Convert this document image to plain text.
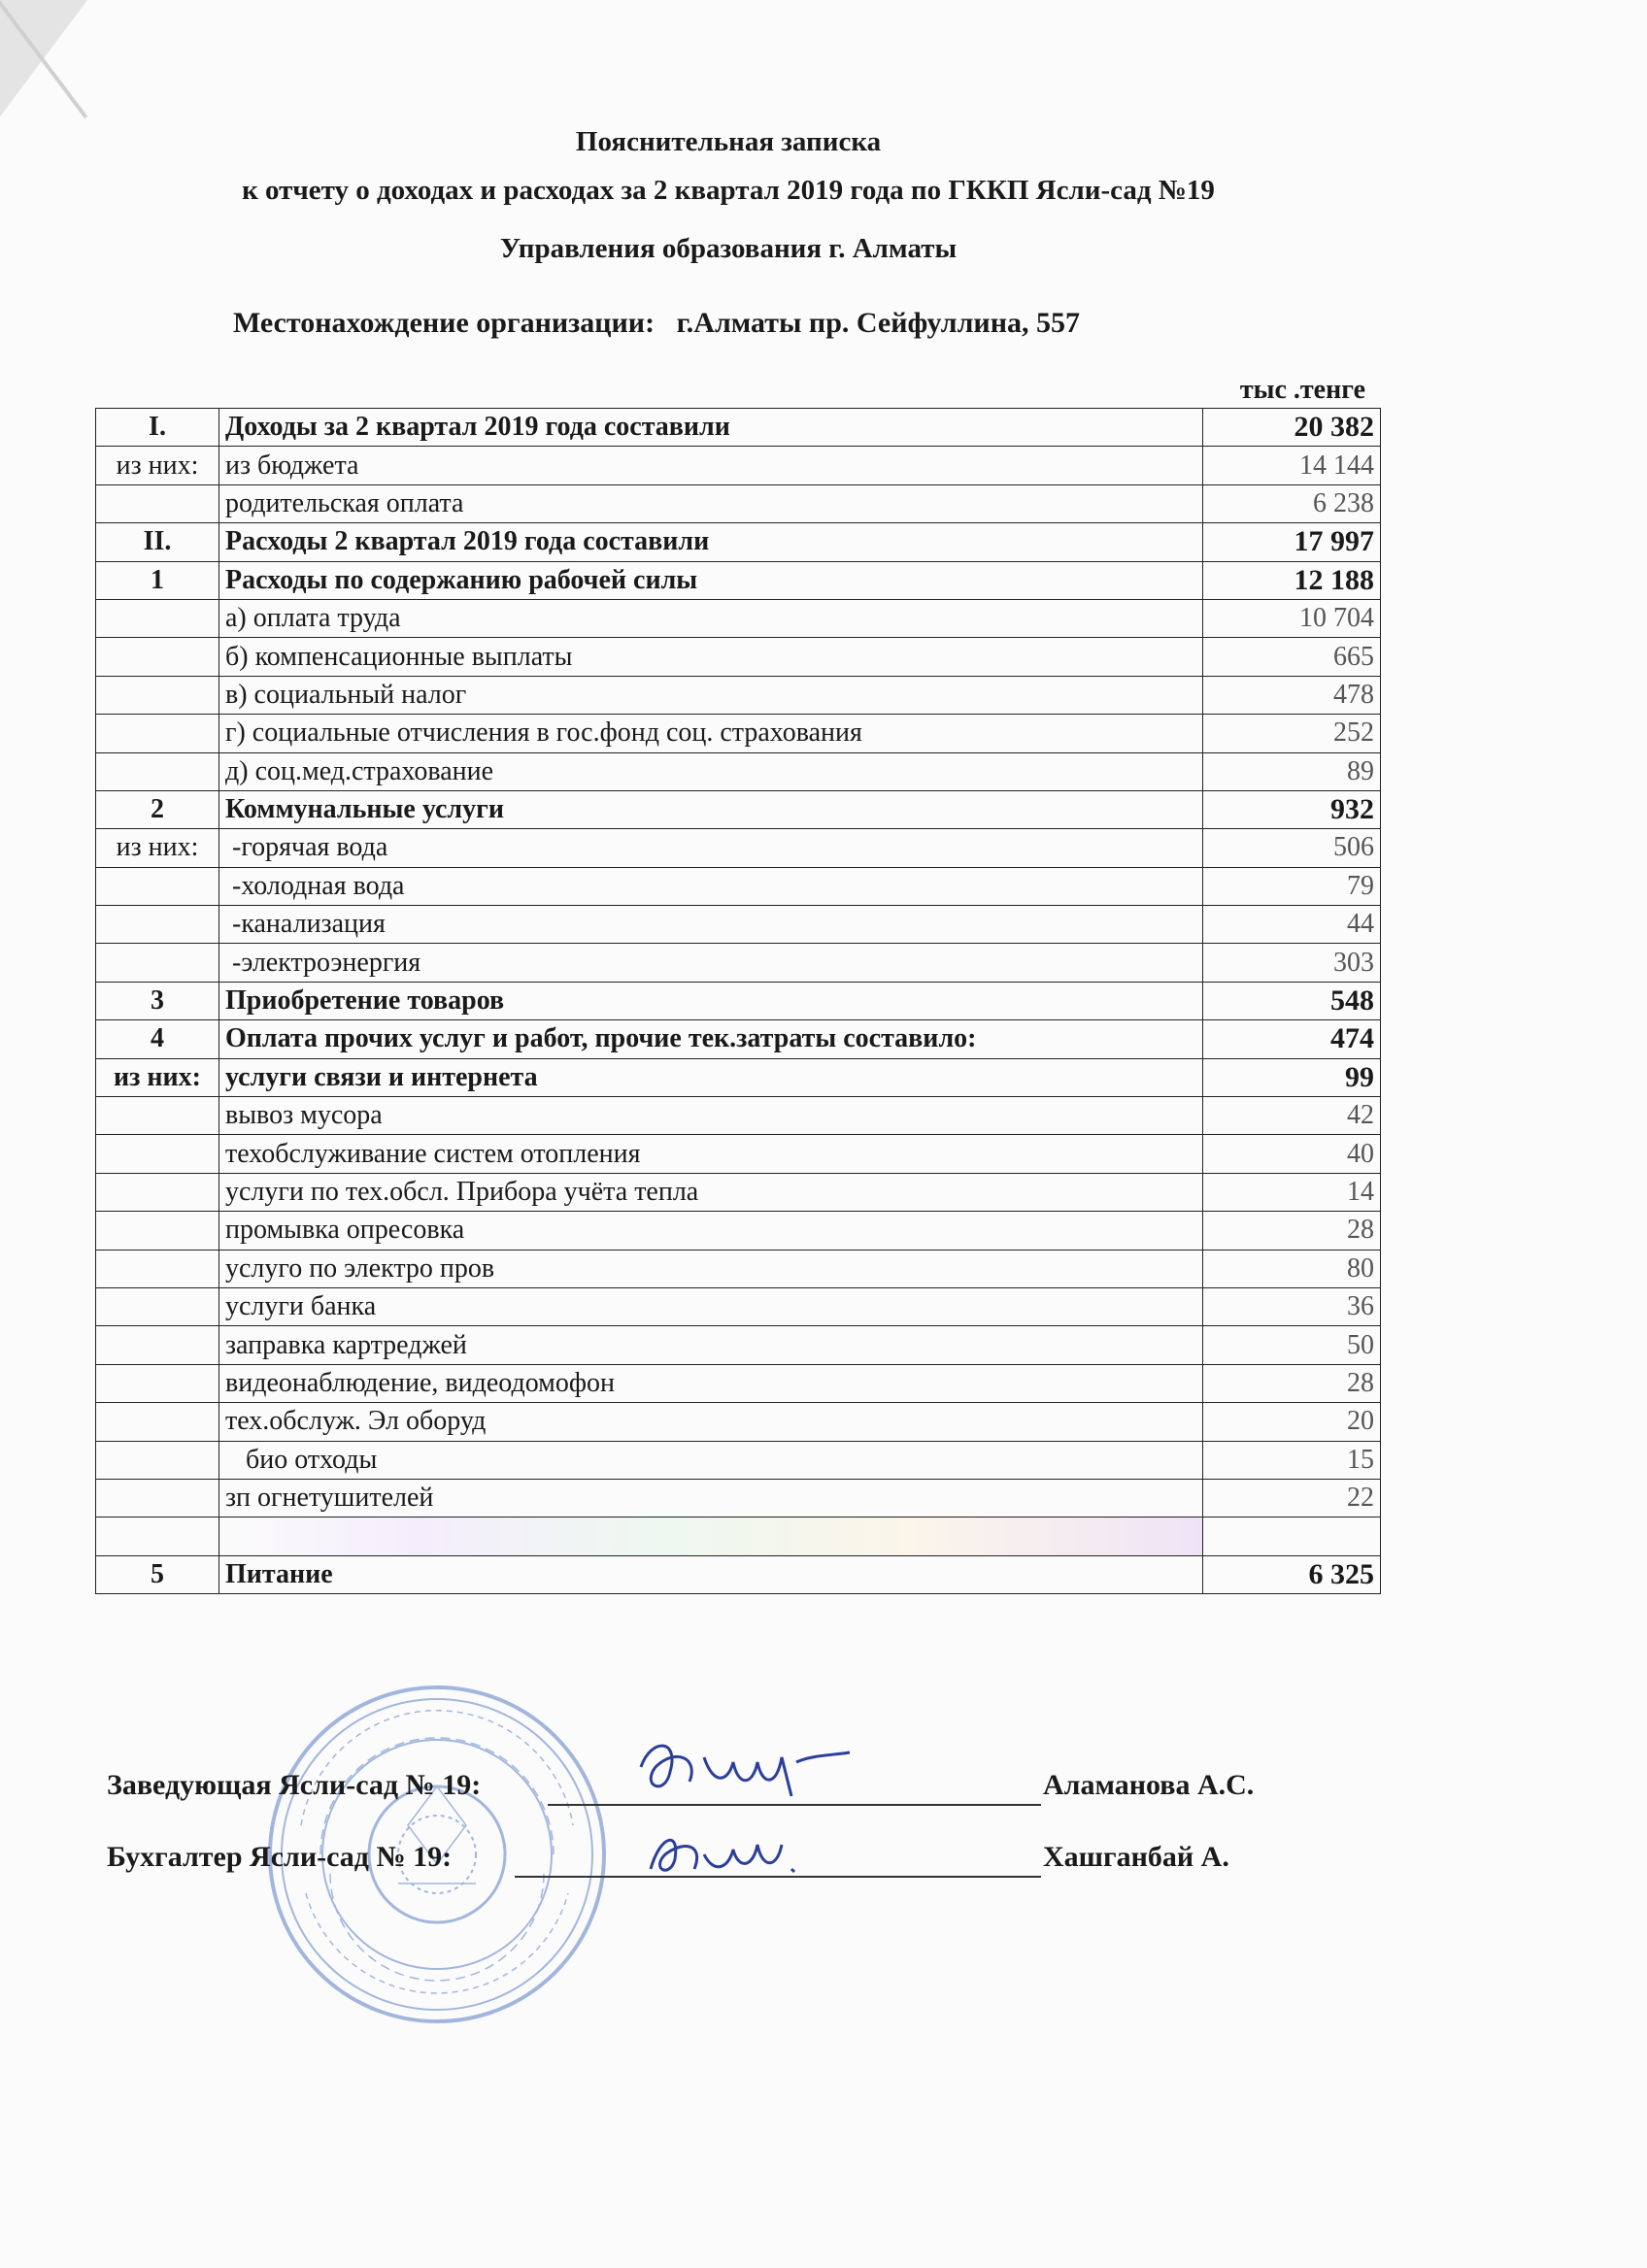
Пояснительная записка
к отчету о доходах и расходах за 2 квартал 2019 года по ГККП Ясли-сад №19
Управления образования г. Алматы
Местонахождение организации: г.Алматы пр. Сейфуллина, 557
тыс .тенге
I.	Доходы за 2 квартал 2019 года составили	20 382
из них:	из бюджета	14 144
	родительская оплата	6 238
II.	Расходы 2 квартал 2019 года составили	17 997
1	Расходы по содержанию рабочей силы	12 188
	а) оплата труда	10 704
	б) компенсационные выплаты	665
	в) социальный налог	478
	г) социальные отчисления в гос.фонд соц. страхования	252
	д) соц.мед.страхование	89
2	Коммунальные услуги	932
из них:	-горячая вода	506
	-холодная вода	79
	-канализация	44
	-электроэнергия	303
3	Приобретение товаров	548
4	Оплата прочих услуг и работ, прочие тек.затраты составило:	474
из них:	услуги связи и интернета	99
	вывоз мусора	42
	техобслуживание систем отопления	40
	услуги по тех.обсл. Прибора учёта тепла	14
	промывка опресовка	28
	услуго по электро пров	80
	услуги банка	36
	заправка картреджей	50
	видеонаблюдение, видеодомофон	28
	тех.обслуж. Эл оборуд	20
	био отходы	15
	зп огнетушителей	22

5	Питание	6 325
Заведующая Ясли-сад № 19:	Аламанова А.С.
Бухгалтер Ясли-сад № 19:	Хашганбай А.
